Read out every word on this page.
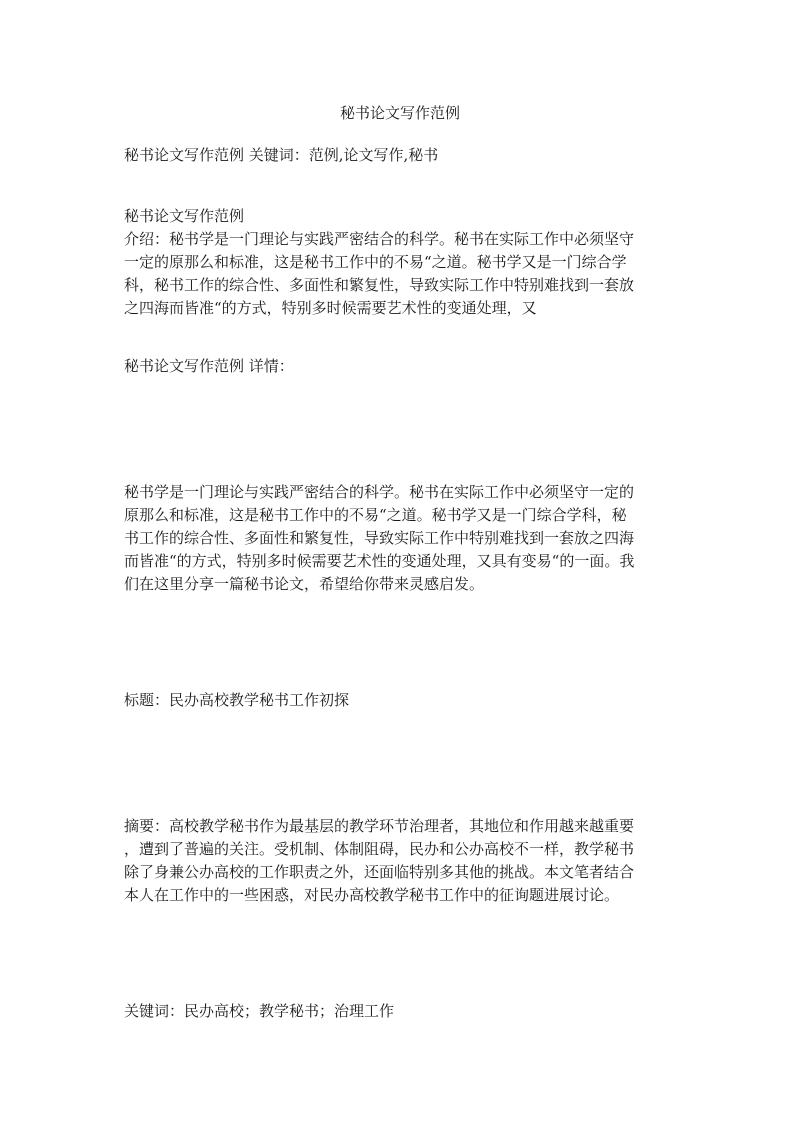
秘书论文写作范例
秘书论文写作范例 关键词：范例,论文写作,秘书
秘书论文写作范例
介绍：秘书学是一门理论与实践严密结合的科学。秘书在实际工作中必须坚守
一定的原那么和标准，这是秘书工作中的不易“之道。秘书学又是一门综合学
科，秘书工作的综合性、多面性和繁复性，导致实际工作中特别难找到一套放
之四海而皆准“的方式，特别多时候需要艺术性的变通处理，又
秘书论文写作范例 详情：
秘书学是一门理论与实践严密结合的科学。秘书在实际工作中必须坚守一定的
原那么和标准，这是秘书工作中的不易“之道。秘书学又是一门综合学科，秘
书工作的综合性、多面性和繁复性，导致实际工作中特别难找到一套放之四海
而皆准“的方式，特别多时候需要艺术性的变通处理，又具有变易“的一面。我
们在这里分享一篇秘书论文，希望给你带来灵感启发。
标题：民办高校教学秘书工作初探
摘要：高校教学秘书作为最基层的教学环节治理者，其地位和作用越来越重要
，遭到了普遍的关注。受机制、体制阻碍，民办和公办高校不一样，教学秘书
除了身兼公办高校的工作职责之外，还面临特别多其他的挑战。本文笔者结合
本人在工作中的一些困惑，对民办高校教学秘书工作中的征询题进展讨论。
关键词：民办高校；教学秘书；治理工作
